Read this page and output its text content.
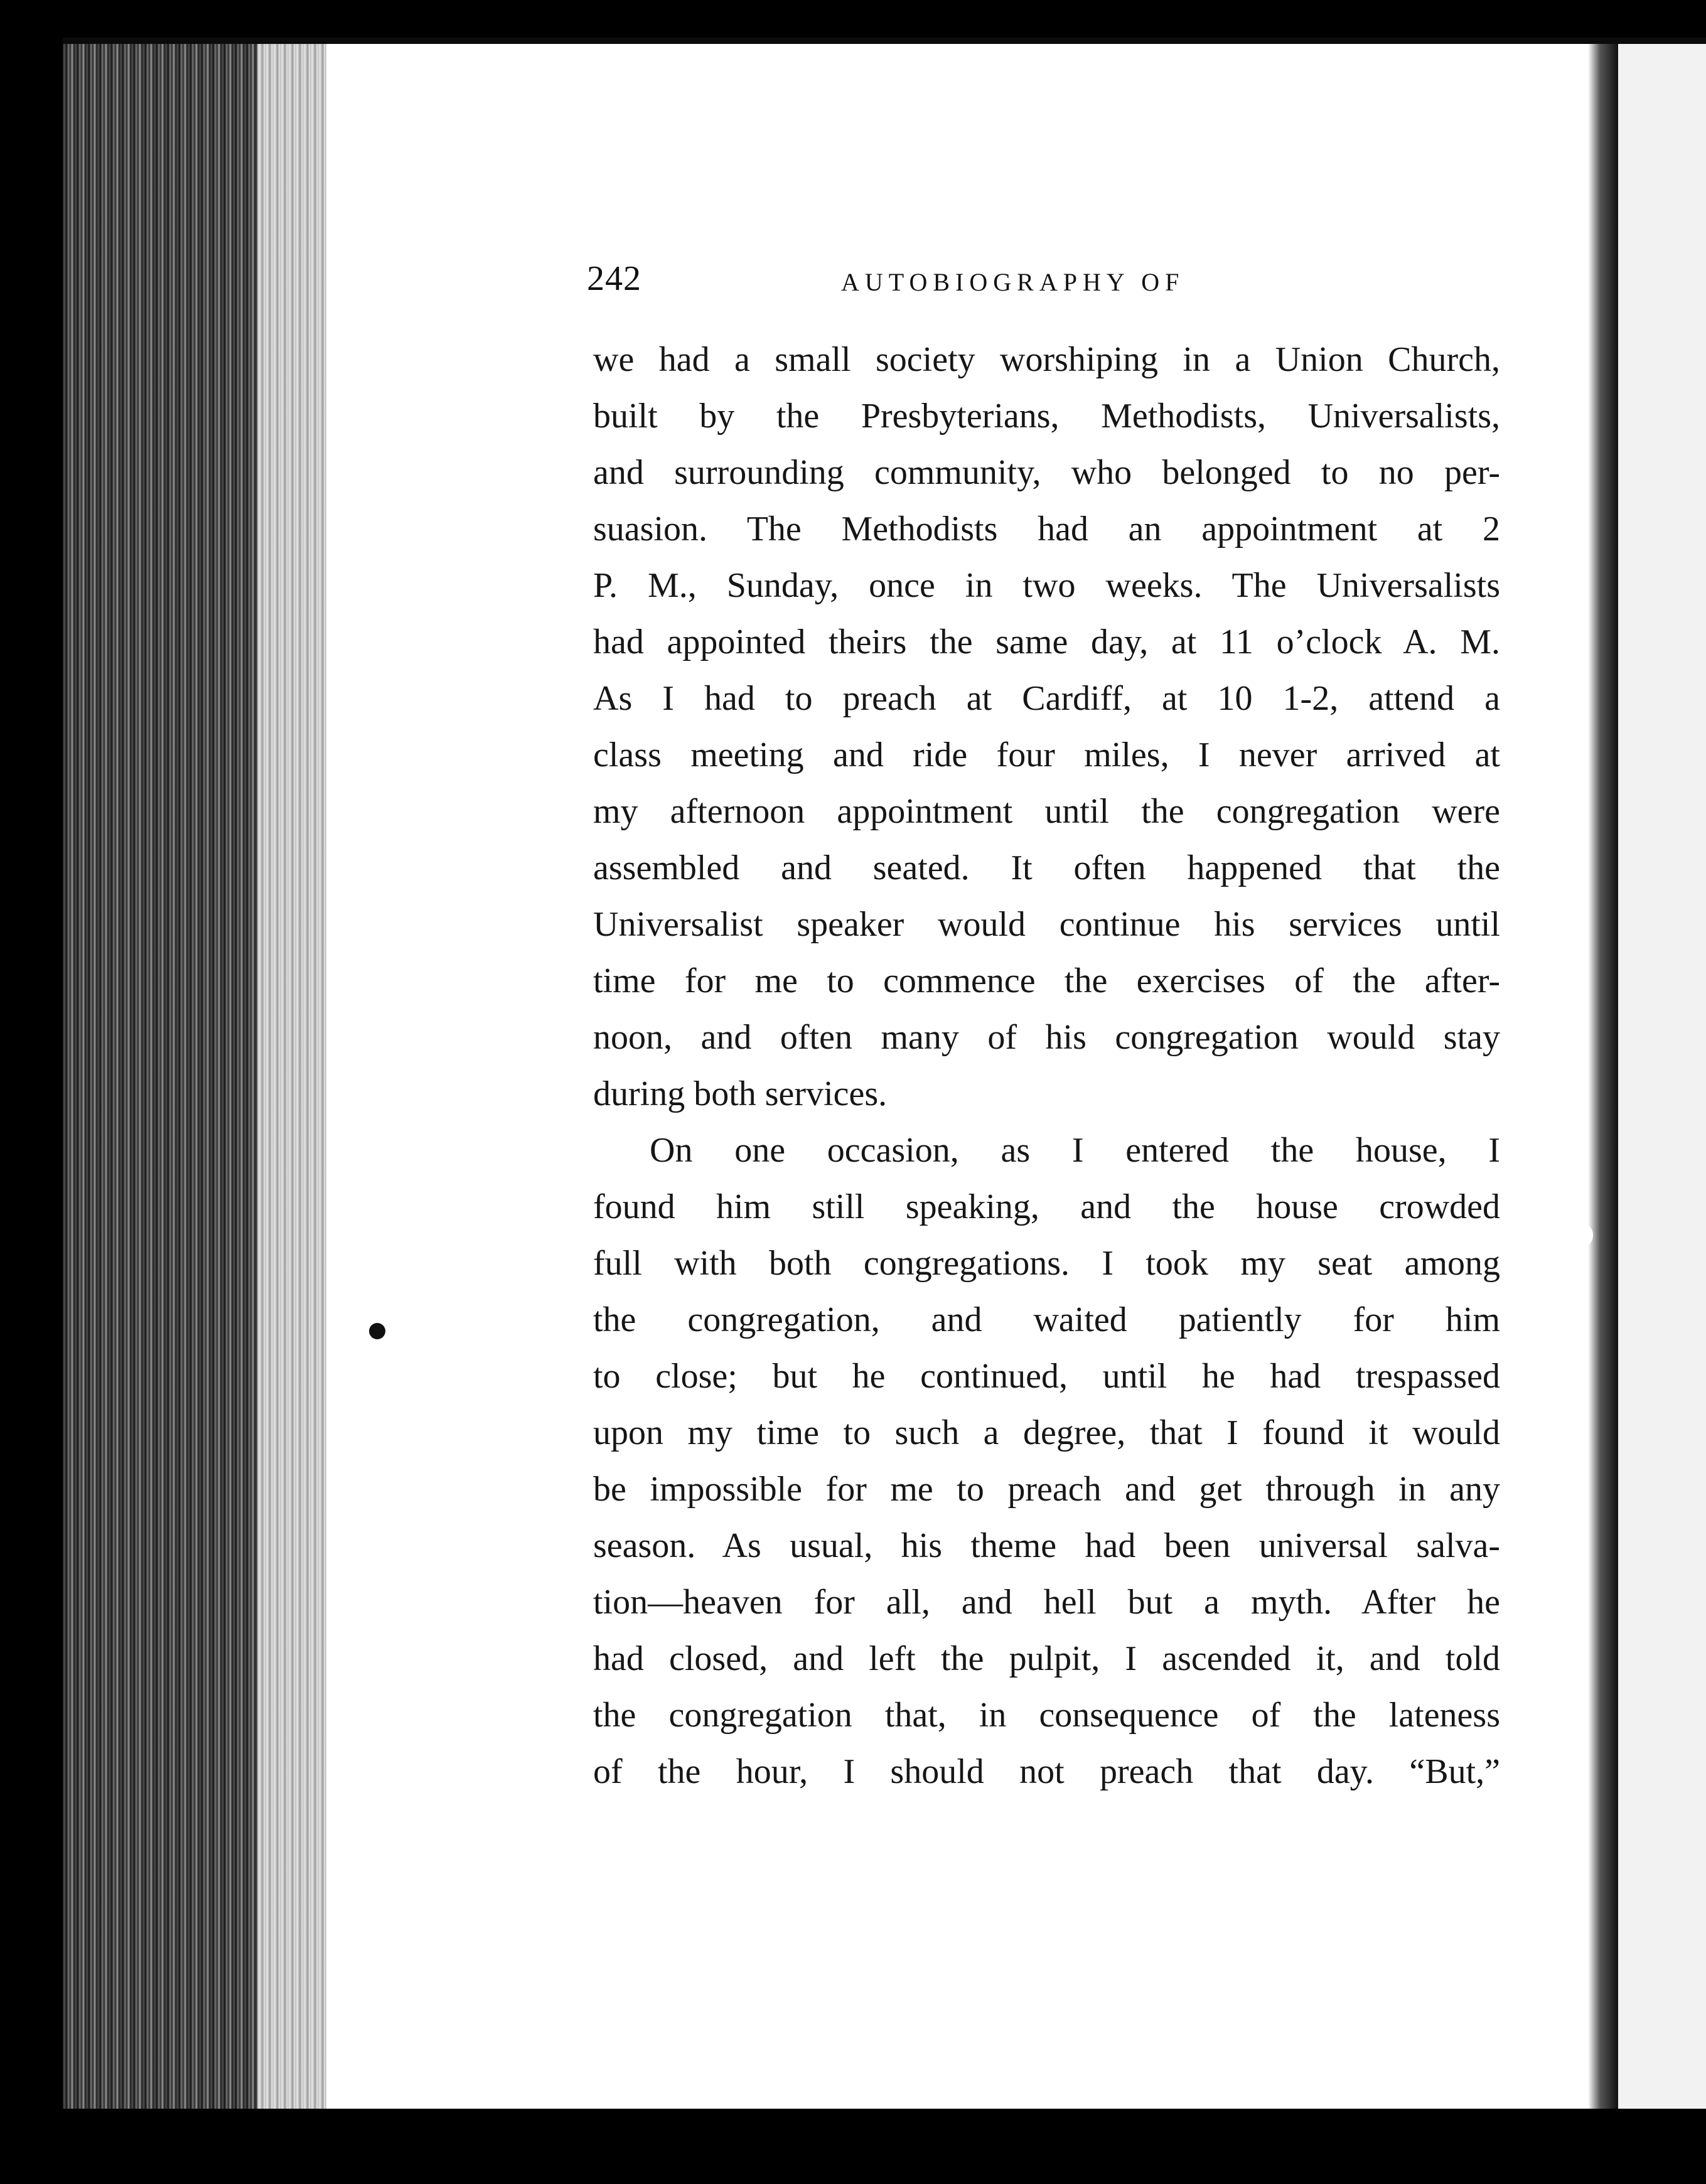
242	AUTOBIOGRAPHY OF
we had a small society worshiping in a Union Church,
built by the Presbyterians, Methodists, Universalists,
and surrounding community, who belonged to no per-
suasion. The Methodists had an appointment at 2
P. M., Sunday, once in two weeks. The Universalists
had appointed theirs the same day, at 11 o’clock A. M.
As I had to preach at Cardiff, at 10 1-2, attend a
class meeting and ride four miles, I never arrived at
my afternoon appointment until the congregation were
assembled and seated. It often happened that the
Universalist speaker would continue his services until
time for me to commence the exercises of the after-
noon, and often many of his congregation would stay
during both services.
On one occasion, as I entered the house, I
found him still speaking, and the house crowded
full with both congregations. I took my seat among
the congregation, and waited patiently for him
to close; but he continued, until he had trespassed
upon my time to such a degree, that I found it would
be impossible for me to preach and get through in any
season. As usual, his theme had been universal salva-
tion—heaven for all, and hell but a myth. After he
had closed, and left the pulpit, I ascended it, and told
the congregation that, in consequence of the lateness
of the hour, I should not preach that day. “But,”
